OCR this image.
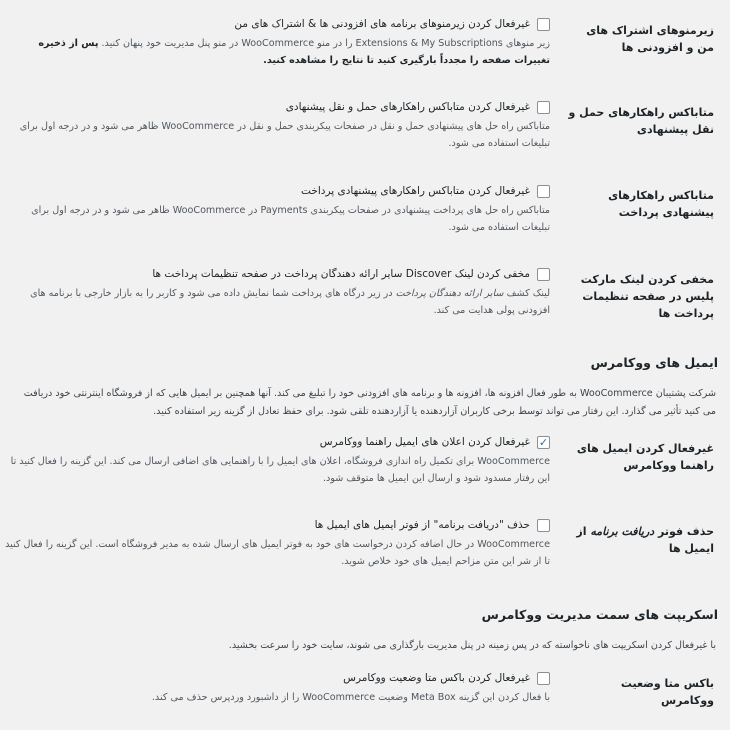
زیرمنوهای اشتراک های من و افزودنی ها
غیرفعال کردن زیرمنوهای برنامه های افزودنی ها & اشتراک های من
زیر منوهای Extensions & My Subscriptions را در منو WooCommerce در منو پنل مدیریت خود پنهان کنید. پس از ذخیره تغییرات صفحه را مجدداً بارگیری کنید تا نتایج را مشاهده کنید.
متاباکس راهکارهای حمل و نقل پیشنهادی
غیرفعال کردن متاباکس راهکارهای حمل و نقل پیشنهادی
متاباکس راه حل های پیشنهادی حمل و نقل در صفحات پیکربندی حمل و نقل در WooCommerce ظاهر می شود و در درجه اول برای تبلیغات استفاده می شود.
متاباکس راهکارهای پیشنهادی پرداخت
غیرفعال کردن متاباکس راهکارهای پیشنهادی پرداخت
متاباکس راه حل های پرداخت پیشنهادی در صفحات پیکربندی Payments در WooCommerce ظاهر می شود و در درجه اول برای تبلیغات استفاده می شود.
مخفی کردن لینک مارکت پلیس در صفحه تنظیمات پرداخت ها
مخفی کردن لینک Discover سایر ارائه دهندگان پرداخت در صفحه تنظیمات پرداخت ها
لینک کشف سایر ارائه دهندگان پرداخت در زیر درگاه های پرداخت شما نمایش داده می شود و کاربر را به بازار خارجی با برنامه های افزودنی پولی هدایت می کند.
ایمیل های ووکامرس
شرکت پشتیبان WooCommerce به طور فعال افزونه ها، افزونه ها و برنامه های افزودنی خود را تبلیغ می کند. آنها همچنین بر ایمیل هایی که از فروشگاه اینترنتی خود دریافت می کنید تأثیر می گذارد. این رفتار می تواند توسط برخی کاربران آزاردهنده یا آزاردهنده تلقی شود. برای حفظ تعادل از گزینه زیر استفاده کنید.
غیرفعال کردن ایمیل های راهنما ووکامرس
✓
غیرفعال کردن اعلان های ایمیل راهنما ووکامرس
WooCommerce برای تکمیل راه اندازی فروشگاه، اعلان های ایمیل را با راهنمایی های اضافی ارسال می کند. این گزینه را فعال کنید تا این رفتار مسدود شود و ارسال این ایمیل ها متوقف شود.
حذف فوتر دریافت برنامه از ایمیل ها
حذف "دریافت برنامه" از فوتر ایمیل های ایمیل ها
WooCommerce در حال اضافه کردن درخواست های خود به فوتر ایمیل های ارسال شده به مدیر فروشگاه است. این گزینه را فعال کنید تا از شر این متن مزاحم ایمیل های خود خلاص شوید.
اسکریپت های سمت مدیریت ووکامرس
با غیرفعال کردن اسکریپت های ناخواسته که در پس زمینه در پنل مدیریت بارگذاری می شوند، سایت خود را سرعت بخشید.
باکس متا وضعیت ووکامرس
غیرفعال کردن باکس متا وضعیت ووکامرس
با فعال کردن این گزینه Meta Box وضعیت WooCommerce را از داشبورد وردپرس حذف می کند.
